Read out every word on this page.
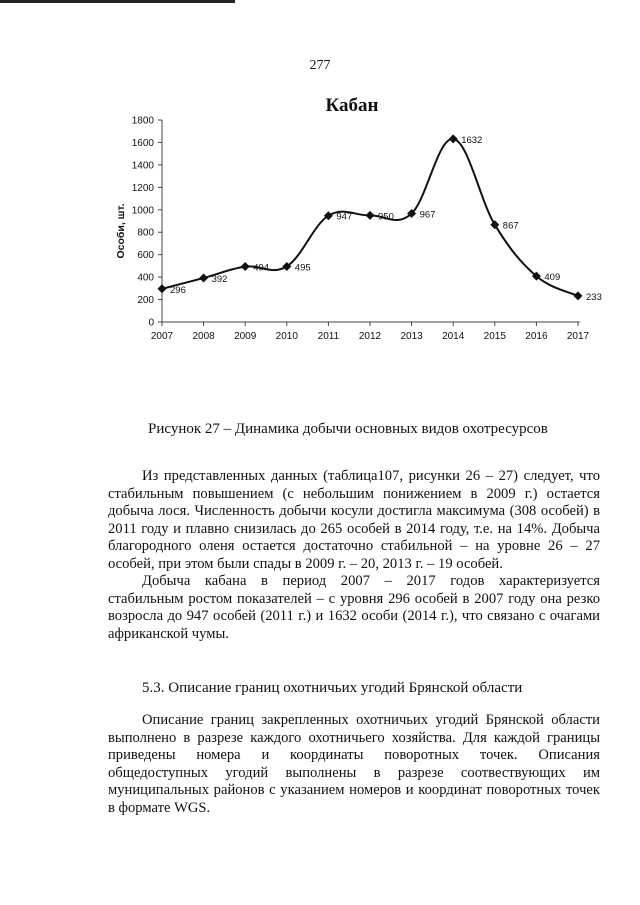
277
Кабан
Особи, шт.
0
200
400
600
800
1000
1200
1400
1600
1800
2007 2008 2009 2010 2011 2012 2013 2014 2015 2016 2017
296
392
494	495
947	950	967
1632
867
409
233
Рисунок 27 – Динамика добычи основных видов охотресурсов

Из представленных данных (таблица107, рисунки 26 – 27) следует, что
стабильным повышением (с небольшим понижением в 2009 г.) остается
добыча лося. Численность добычи косули достигла максимума (308 особей) в
2011 году и плавно снизилась до 265 особей в 2014 году, т.е. на 14%. Добыча
благородного оленя остается достаточно стабильной – на уровне 26 – 27
особей, при этом были спады в 2009 г. – 20, 2013 г. – 19 особей.

Добыча кабана в период 2007 – 2017 годов характеризуется
стабильным ростом показателей – с уровня 296 особей в 2007 году она резко
возросла до 947 особей (2011 г.) и 1632 особи (2014 г.), что связано с очагами
африканской чумы.

5.3. Описание границ охотничьих угодий Брянской области

Описание границ закрепленных охотничьих угодий Брянской области
выполнено в разрезе каждого охотничьего хозяйства. Для каждой границы
приведены номера и координаты поворотных точек. Описания
общедоступных угодий выполнены в разрезе соотвествующих им
муниципальных районов с указанием номеров и координат поворотных точек
в формате WGS.
